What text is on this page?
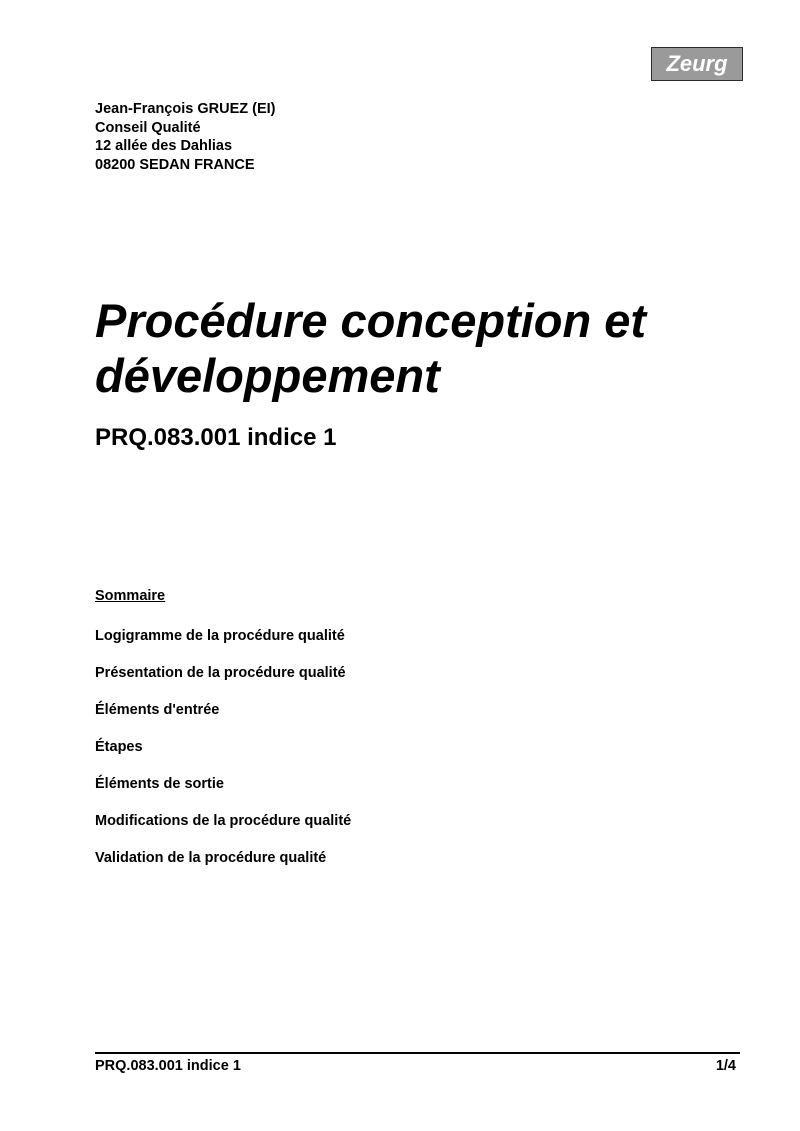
Zeurg
Jean-François GRUEZ (EI)
Conseil Qualité
12 allée des Dahlias
08200 SEDAN FRANCE
Procédure conception et développement
PRQ.083.001 indice 1
Sommaire
Logigramme de la procédure qualité
Présentation de la procédure qualité
Éléments d'entrée
Étapes
Éléments de sortie
Modifications de la procédure qualité
Validation de la procédure qualité
PRQ.083.001 indice 1	1/4
